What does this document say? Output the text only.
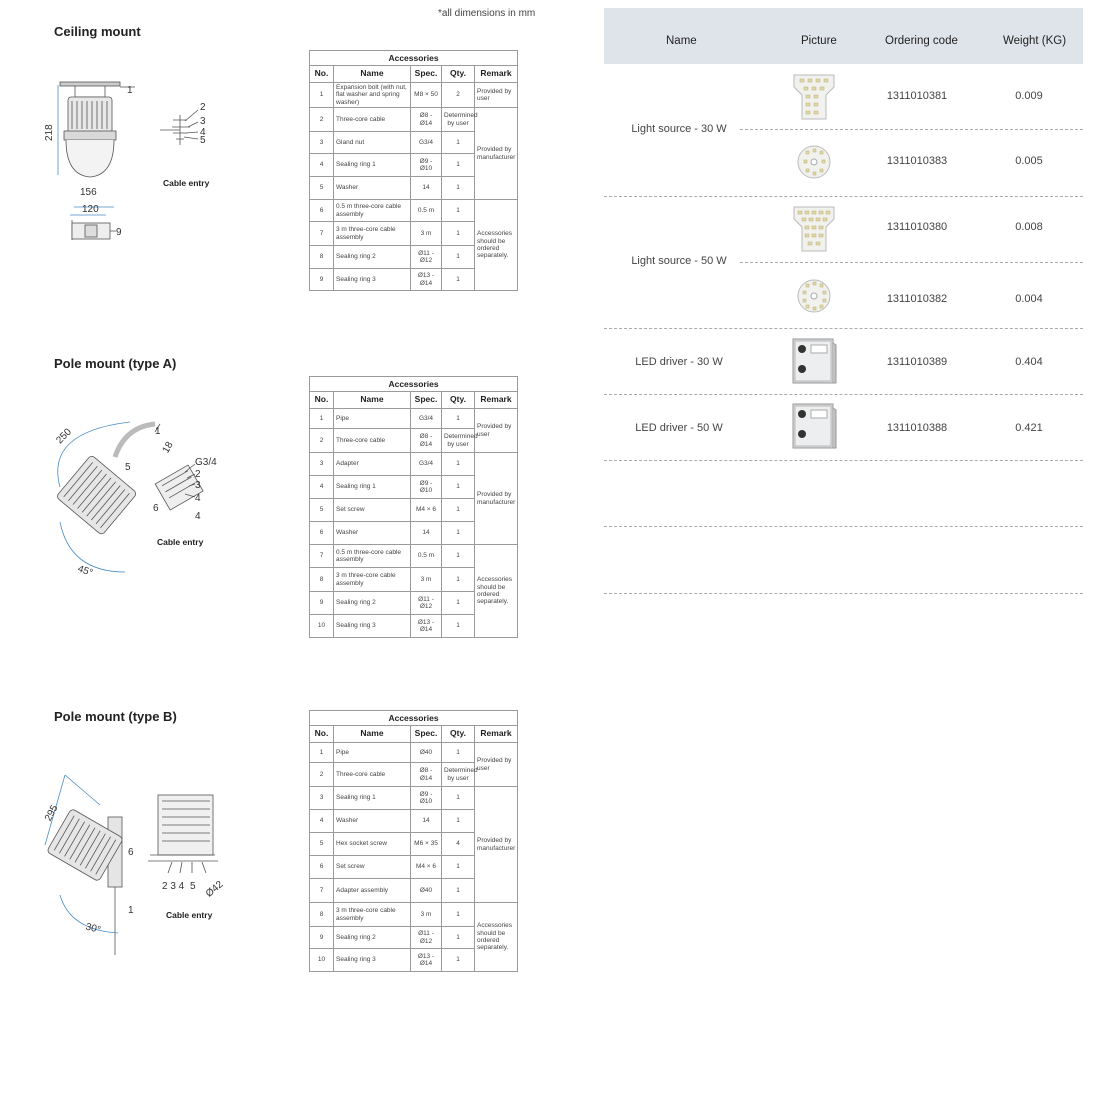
*all dimensions in mm
Ceiling mount
Pole mount (type A)
Pole mount (type B)
1
218
156
120
9
2
3
4
5
Cable entry
1
5
250
18
G3/4
2
3
4
6
4
45°
Cable entry
295
6
1
2 3 4 5 Ø42
30°
Cable entry
Accessories
No.	Name	Spec.	Qty.	Remark
1	Expansion bolt (with nut, flat washer and spring washer)	M8 × 50	2	Provided by user
2	Three-core cable	Ø8 - Ø14	Determined by user	Provided by manufacturer
3	Gland nut	G3/4	1	
4	Sealing ring 1	Ø9 - Ø10	1	
5	Washer	14	1	
6	0.5 m three-core cable assembly	0.5 m	1	Accessories should be ordered separately.
7	3 m three-core cable assembly	3 m	1	
8	Sealing ring 2	Ø11 - Ø12	1	
9	Sealing ring 3	Ø13 - Ø14	1	
Accessories
No.	Name	Spec.	Qty.	Remark
1	Pipe	G3/4	1	Provided by user
2	Three-core cable	Ø8 - Ø14	Determined by user	
3	Adapter	G3/4	1	Provided by manufacturer
4	Sealing ring 1	Ø9 - Ø10	1	
5	Set screw	M4 × 6	1	
6	Washer	14	1	
7	0.5 m three-core cable assembly	0.5 m	1	Accessories should be ordered separately.
8	3 m three-core cable assembly	3 m	1	
9	Sealing ring 2	Ø11 - Ø12	1	
10	Sealing ring 3	Ø13 - Ø14	1	
Accessories
No.	Name	Spec.	Qty.	Remark
1	Pipe	Ø40	1	Provided by user
2	Three-core cable	Ø8 - Ø14	Determined by user	
3	Sealing ring 1	Ø9 - Ø10	1	Provided by manufacturer
4	Washer	14	1	
5	Hex socket screw	M6 × 35	4	
6	Set screw	M4 × 6	1	
7	Adapter assembly	Ø40	1	
8	3 m three-core cable assembly	3 m	1	Accessories should be ordered separately.
9	Sealing ring 2	Ø11 - Ø12	1	
10	Sealing ring 3	Ø13 - Ø14	1	
Name	Picture	Ordering code	Weight (KG)
Light source - 30 W
1311010381	0.009
1311010383	0.005
Light source - 50 W
1311010380	0.008
1311010382	0.004
LED driver - 30 W	1311010389	0.404
LED driver - 50 W	1311010388	0.421
